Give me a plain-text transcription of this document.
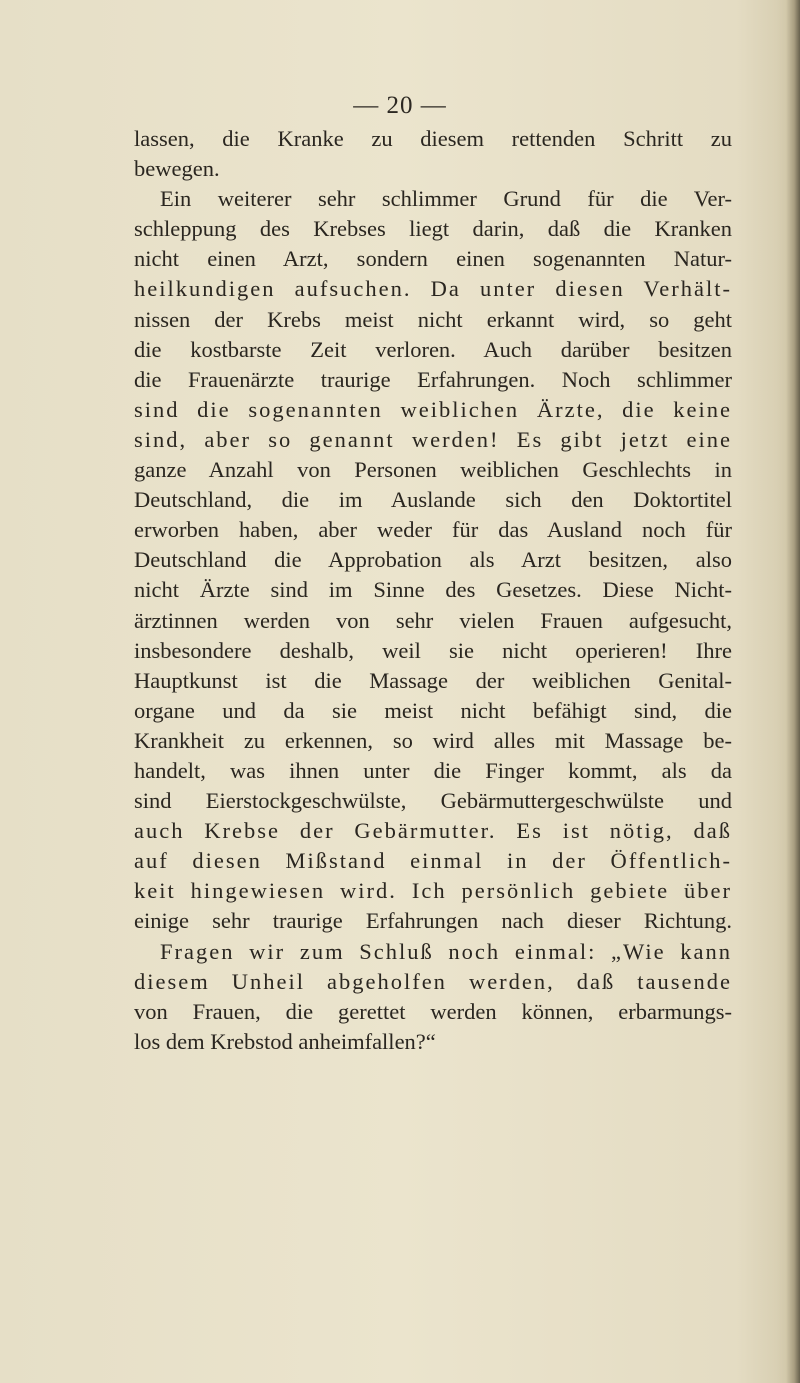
— 20 —
lassen, die Kranke zu diesem rettenden Schritt zu
bewegen.
Ein weiterer sehr schlimmer Grund für die Ver-
schleppung des Krebses liegt darin, daß die Kranken
nicht einen Arzt, sondern einen sogenannten Natur-
heilkundigen aufsuchen. Da unter diesen Verhält-
nissen der Krebs meist nicht erkannt wird, so geht
die kostbarste Zeit verloren. Auch darüber besitzen
die Frauenärzte traurige Erfahrungen. Noch schlimmer
sind die sogenannten weiblichen Ärzte, die keine
sind, aber so genannt werden! Es gibt jetzt eine
ganze Anzahl von Personen weiblichen Geschlechts in
Deutschland, die im Auslande sich den Doktortitel
erworben haben, aber weder für das Ausland noch für
Deutschland die Approbation als Arzt besitzen, also
nicht Ärzte sind im Sinne des Gesetzes. Diese Nicht-
ärztinnen werden von sehr vielen Frauen aufgesucht,
insbesondere deshalb, weil sie nicht operieren! Ihre
Hauptkunst ist die Massage der weiblichen Genital-
organe und da sie meist nicht befähigt sind, die
Krankheit zu erkennen, so wird alles mit Massage be-
handelt, was ihnen unter die Finger kommt, als da
sind Eierstockgeschwülste, Gebärmuttergeschwülste und
auch Krebse der Gebärmutter. Es ist nötig, daß
auf diesen Mißstand einmal in der Öffentlich-
keit hingewiesen wird. Ich persönlich gebiete über
einige sehr traurige Erfahrungen nach dieser Richtung.
Fragen wir zum Schluß noch einmal: „Wie kann
diesem Unheil abgeholfen werden, daß tausende
von Frauen, die gerettet werden können, erbarmungs-
los dem Krebstod anheimfallen?“
